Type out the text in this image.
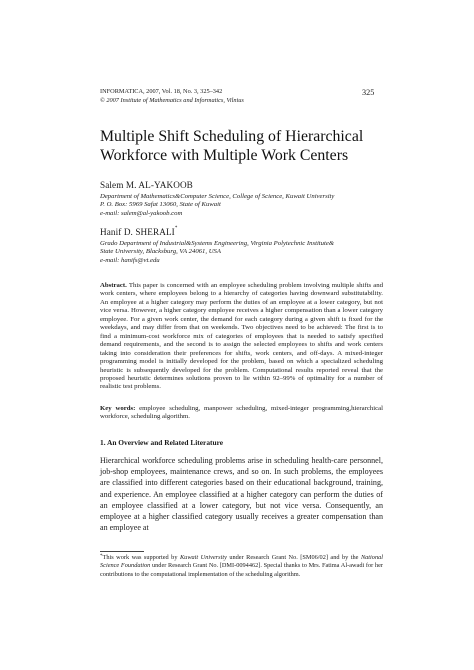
INFORMATICA, 2007, Vol. 18, No. 3, 325–342
© 2007 Institute of Mathematics and Informatics, Vilnius
325
Multiple Shift Scheduling of Hierarchical
Workforce with Multiple Work Centers
Salem M. AL-YAKOOB
Department of Mathematics&Computer Science, College of Science, Kuwait University
P. O. Box: 5969 Safat 13060, State of Kuwait
e-mail: salem@al-yakoob.com
Hanif D. SHERALI*
Grado Department of Industrial&Systems Engineering, Virginia Polytechnic Institute&
State University, Blacksburg, VA 24061, USA
e-mail: hanifs@vt.edu
Abstract. This paper is concerned with an employee scheduling problem involving multiple shifts and work centers, where employees belong to a hierarchy of categories having downward substitutability. An employee at a higher category may perform the duties of an employee at a lower category, but not vice versa. However, a higher category employee receives a higher compensation than a lower category employee. For a given work center, the demand for each category during a given shift is fixed for the weekdays, and may differ from that on weekends. Two objectives need to be achieved: The first is to find a minimum-cost workforce mix of categories of employees that is needed to satisfy specified demand requirements, and the second is to assign the selected employees to shifts and work centers taking into consideration their preferences for shifts, work centers, and off-days. A mixed-integer programming model is initially developed for the problem, based on which a specialized scheduling heuristic is subsequently developed for the problem. Computational results reported reveal that the proposed heuristic determines solutions proven to lie within 92–99% of optimality for a number of realistic test problems.
Key words: employee scheduling, manpower scheduling, mixed-integer programming,hierarchical workforce, scheduling algorithm.
1. An Overview and Related Literature
Hierarchical workforce scheduling problems arise in scheduling health-care personnel, job-shop employees, maintenance crews, and so on. In such problems, the employees are classified into different categories based on their educational background, training, and experience. An employee classified at a higher category can perform the duties of an employee classified at a lower category, but not vice versa. Consequently, an employee at a higher classified category usually receives a greater compensation than an employee at
*This work was supported by Kuwait University under Research Grant No. [SM06/02] and by the National Science Foundation under Research Grant No. [DMI-0094462]. Special thanks to Mrs. Fatima Al-awadi for her contributions to the computational implementation of the scheduling algorithm.
